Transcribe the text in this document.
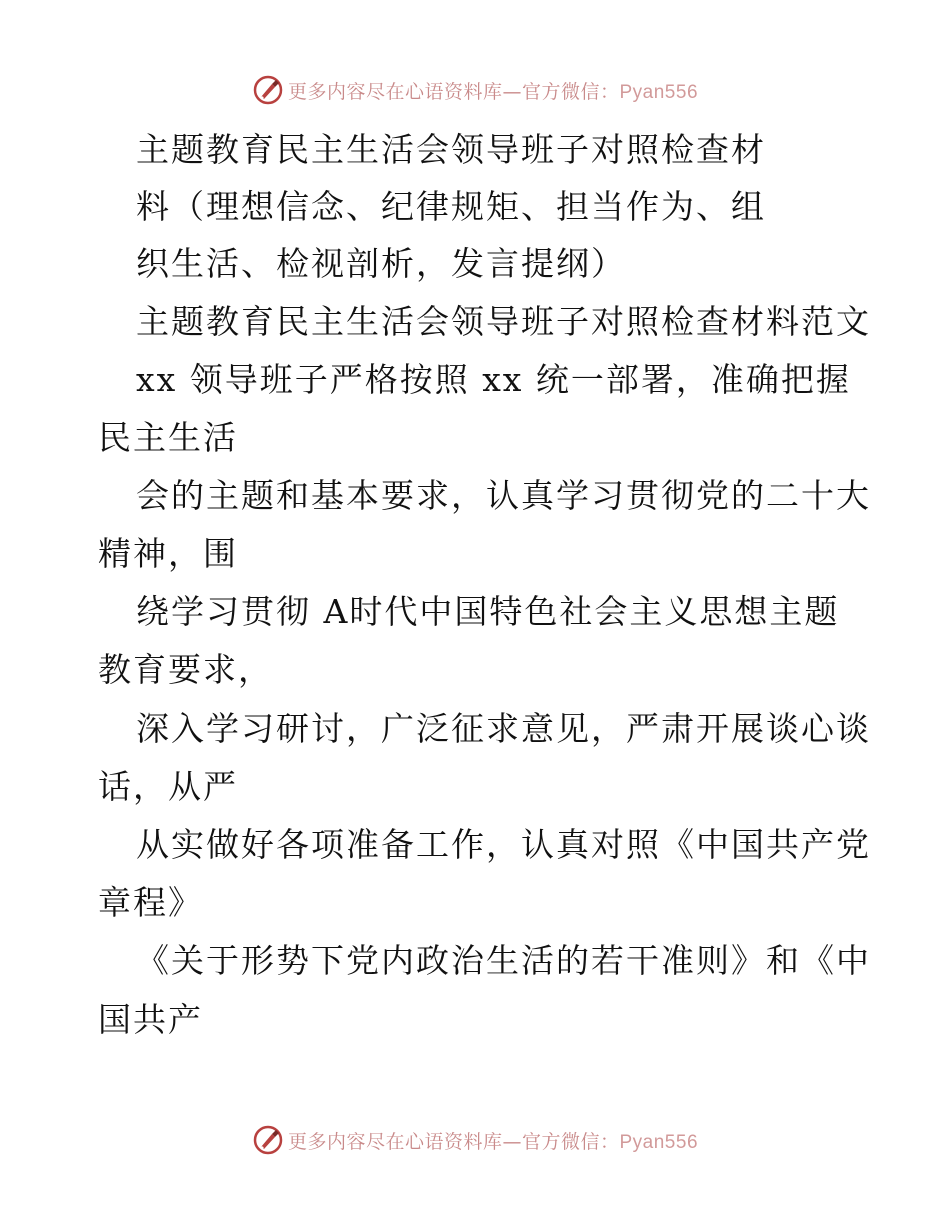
更多内容尽在心语资料库—官方微信：Pyan556
主题教育民主生活会领导班子对照检查材
料（理想信念、纪律规矩、担当作为、组
织生活、检视剖析，发言提纲）
主题教育民主生活会领导班子对照检查材料范文
xx 领导班子严格按照 xx 统一部署，准确把握
民主生活
会的主题和基本要求，认真学习贯彻党的二十大
精神，围
绕学习贯彻 A时代中国特色社会主义思想主题
教育要求，
深入学习研讨，广泛征求意见，严肃开展谈心谈
话，从严
从实做好各项准备工作，认真对照《中国共产党
章程》
《关于形势下党内政治生活的若干准则》和《中
国共产
更多内容尽在心语资料库—官方微信：Pyan556
